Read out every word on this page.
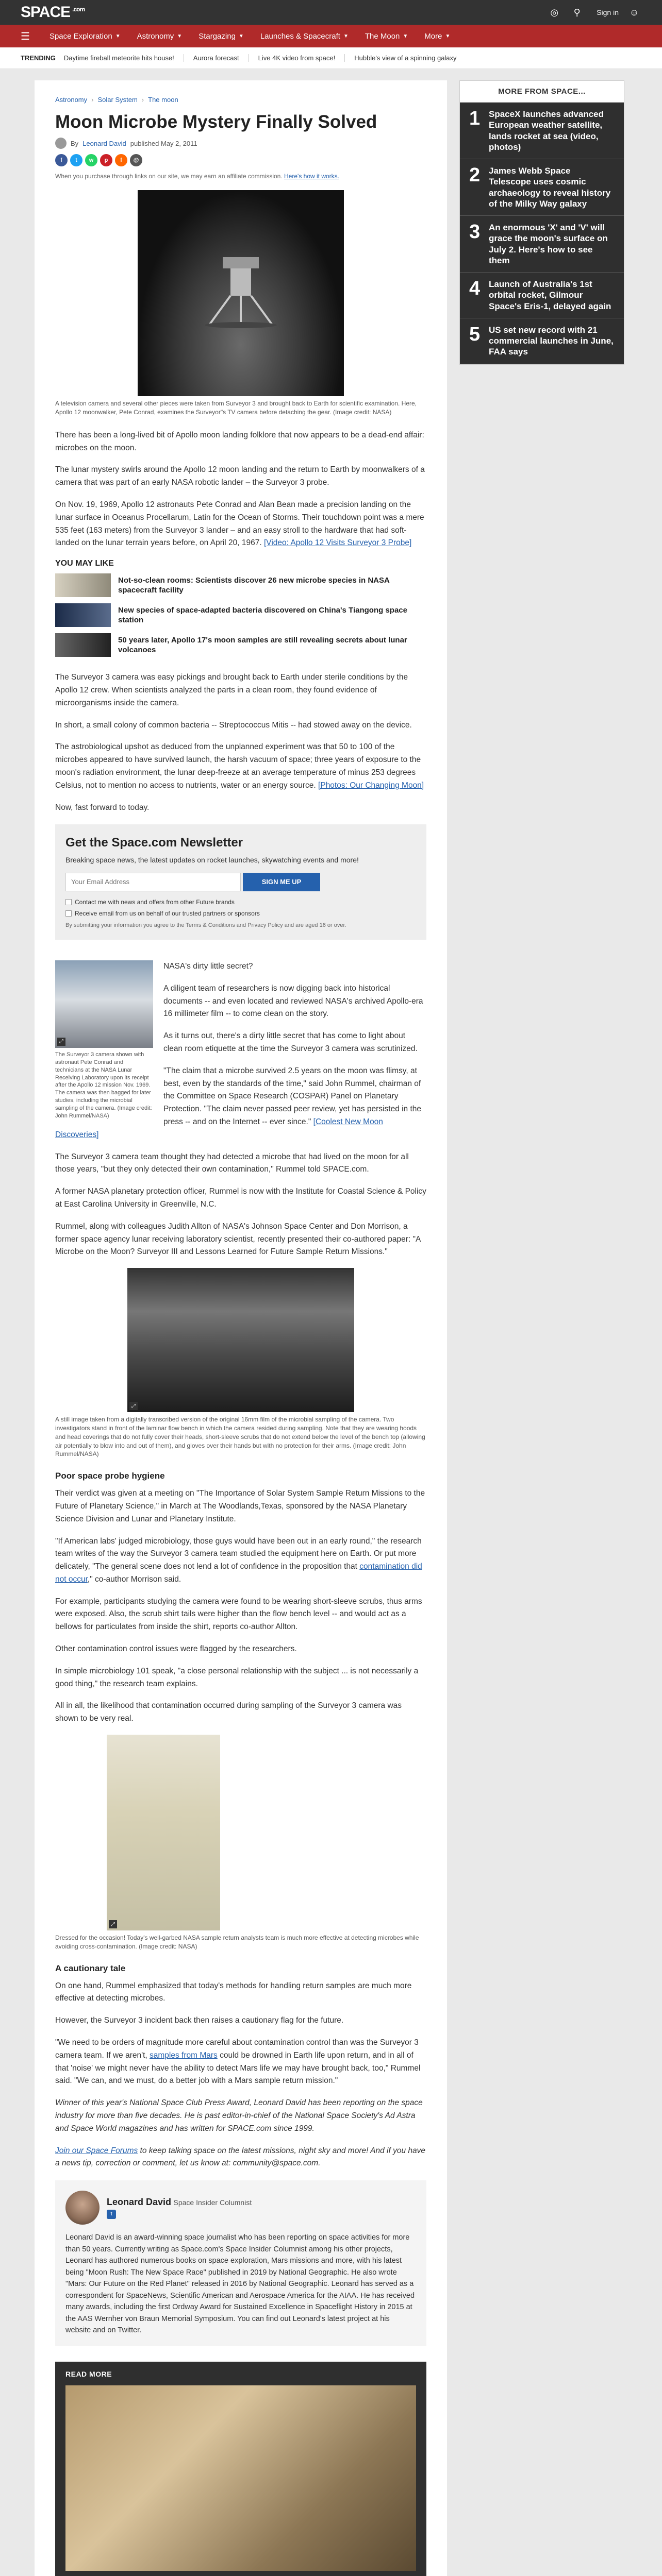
SPACE $^{.com}$	◎	⚲	Sign in ☺
☰	Space Exploration ▼ Astronomy ▼ Stargazing ▼ Launches & Spacecraft ▼ The Moon ▼ More ▼
TRENDING Daytime fireball meteorite hits house!	Aurora forecast	Live 4K video from space!	Hubble's view of a spinning galaxy
Astronomy › Solar System › The moon
Moon Microbe Mystery Finally Solved
By Leonard David published May 2, 2011
f	t	w	p	f	@

When you purchase through links on our site, we may earn an affiliate commission. Here's how it works.

A television camera and several other pieces were taken from Surveyor 3 and brought back to Earth for scientific examination. Here, Apollo 12 moonwalker, Pete Conrad, examines the Surveyor"s TV camera before detaching the gear. (Image credit: NASA)

There has been a long-lived bit of Apollo moon landing folklore that now appears to be a dead-end affair: microbes on the moon.

The lunar mystery swirls around the Apollo 12 moon landing and the return to Earth by moonwalkers of a camera that was part of an early NASA robotic lander – the Surveyor 3 probe.

On Nov. 19, 1969, Apollo 12 astronauts Pete Conrad and Alan Bean made a precision landing on the lunar surface in Oceanus Procellarum, Latin for the Ocean of Storms. Their touchdown point was a mere 535 feet (163 meters) from the Surveyor 3 lander – and an easy stroll to the hardware that had soft-landed on the lunar terrain years before, on April 20, 1967. [Video: Apollo 12 Visits Surveyor 3 Probe]

YOU MAY LIKE
Not-so-clean rooms: Scientists discover 26 new microbe species in NASA spacecraft facility
New species of space-adapted bacteria discovered on China's Tiangong space station
50 years later, Apollo 17's moon samples are still revealing secrets about lunar volcanoes

The Surveyor 3 camera was easy pickings and brought back to Earth under sterile conditions by the Apollo 12 crew. When scientists analyzed the parts in a clean room, they found evidence of microorganisms inside the camera.

In short, a small colony of common bacteria -- Streptococcus Mitis -- had stowed away on the device.

The astrobiological upshot as deduced from the unplanned experiment was that 50 to 100 of the microbes appeared to have survived launch, the harsh vacuum of space; three years of exposure to the moon's radiation environment, the lunar deep-freeze at an average temperature of minus 253 degrees Celsius, not to mention no access to nutrients, water or an energy source. [Photos: Our Changing Moon]

Now, fast forward to today.

Get the Space.com Newsletter

Breaking space news, the latest updates on rocket launches, skywatching events and more!

Your Email Address
SIGN ME UP
Contact me with news and offers from other Future brands
Receive email from us on behalf of our trusted partners or sponsors
By submitting your information you agree to the Terms & Conditions and Privacy Policy and are aged 16 or over.
⤢
The Surveyor 3 camera shown with astronaut Pete Conrad and technicians at the NASA Lunar Receiving Laboratory upon its receipt after the Apollo 12 mission Nov. 1969. The camera was then bagged for later studies, including the microbial sampling of the camera. (Image credit: John Rummel/NASA)

NASA's dirty little secret?

A diligent team of researchers is now digging back into historical documents -- and even located and reviewed NASA's archived Apollo-era 16 millimeter film -- to come clean on the story.

As it turns out, there's a dirty little secret that has come to light about clean room etiquette at the time the Surveyor 3 camera was scrutinized.

"The claim that a microbe survived 2.5 years on the moon was flimsy, at best, even by the standards of the time," said John Rummel, chairman of the Committee on Space Research (COSPAR) Panel on Planetary Protection. "The claim never passed peer review, yet has persisted in the press -- and on the Internet -- ever since." [Coolest New Moon Discoveries]

The Surveyor 3 camera team thought they had detected a microbe that had lived on the moon for all those years, "but they only detected their own contamination," Rummel told SPACE.com.

A former NASA planetary protection officer, Rummel is now with the Institute for Coastal Science & Policy at East Carolina University in Greenville, N.C.

Rummel, along with colleagues Judith Allton of NASA's Johnson Space Center and Don Morrison, a former space agency lunar receiving laboratory scientist, recently presented their co-authored paper: "A Microbe on the Moon? Surveyor III and Lessons Learned for Future Sample Return Missions."

⤢

A still image taken from a digitally transcribed version of the original 16mm film of the microbial sampling of the camera. Two investigators stand in front of the laminar flow bench in which the camera resided during sampling. Note that they are wearing hoods and head coverings that do not fully cover their heads, short-sleeve scrubs that do not extend below the level of the bench top (allowing air potentially to blow into and out of them), and gloves over their hands but with no protection for their arms. (Image credit: John Rummel/NASA)

Poor space probe hygiene

Their verdict was given at a meeting on "The Importance of Solar System Sample Return Missions to the Future of Planetary Science," in March at The Woodlands,Texas, sponsored by the NASA Planetary Science Division and Lunar and Planetary Institute.

"If American labs' judged microbiology, those guys would have been out in an early round," the research team writes of the way the Surveyor 3 camera team studied the equipment here on Earth. Or put more delicately, "The general scene does not lend a lot of confidence in the proposition that contamination did not occur," co-author Morrison said.

For example, participants studying the camera were found to be wearing short-sleeve scrubs, thus arms were exposed. Also, the scrub shirt tails were higher than the flow bench level -- and would act as a bellows for particulates from inside the shirt, reports co-author Allton.

Other contamination control issues were flagged by the researchers.

In simple microbiology 101 speak, "a close personal relationship with the subject ... is not necessarily a good thing," the research team explains.

All in all, the likelihood that contamination occurred during sampling of the Surveyor 3 camera was shown to be very real.

⤢

Dressed for the occasion! Today's well-garbed NASA sample return analysts team is much more effective at detecting microbes while avoiding cross-contamination. (Image credit: NASA)

A cautionary tale

On one hand, Rummel emphasized that today's methods for handling return samples are much more effective at detecting microbes.

However, the Surveyor 3 incident back then raises a cautionary flag for the future.

"We need to be orders of magnitude more careful about contamination control than was the Surveyor 3 camera team. If we aren't, samples from Mars could be drowned in Earth life upon return, and in all of that 'noise' we might never have the ability to detect Mars life we may have brought back, too," Rummel said. "We can, and we must, do a better job with a Mars sample return mission."

Winner of this year's National Space Club Press Award, Leonard David has been reporting on the space industry for more than five decades. He is past editor-in-chief of the National Space Society's Ad Astra and Space World magazines and has written for SPACE.com since 1999.

Join our Space Forums to keep talking space on the latest missions, night sky and more! And if you have a news tip, correction or comment, let us know at: community@space.com.

Leonard David Space Insider Columnist
t

Leonard David is an award-winning space journalist who has been reporting on space activities for more than 50 years. Currently writing as Space.com's Space Insider Columnist among his other projects, Leonard has authored numerous books on space exploration, Mars missions and more, with his latest being "Moon Rush: The New Space Race" published in 2019 by National Geographic. He also wrote "Mars: Our Future on the Red Planet" released in 2016 by National Geographic. Leonard has served as a correspondent for SpaceNews, Scientific American and Aerospace America for the AIAA. He has received many awards, including the first Ordway Award for Sustained Excellence in Spaceflight History in 2015 at the AAS Wernher von Braun Memorial Symposium. You can find out Leonard's latest project at his website and on Twitter.

READ MORE
MORE FROM SPACE...
1 SpaceX launches advanced European weather satellite, lands rocket at sea (video, photos)
2 James Webb Space Telescope uses cosmic archaeology to reveal history of the Milky Way galaxy
3 An enormous 'X' and 'V' will grace the moon's surface on July 2. Here's how to see them
4 Launch of Australia's 1st orbital rocket, Gilmour Space's Eris-1, delayed again
5 US set new record with 21 commercial launches in June, FAA says
